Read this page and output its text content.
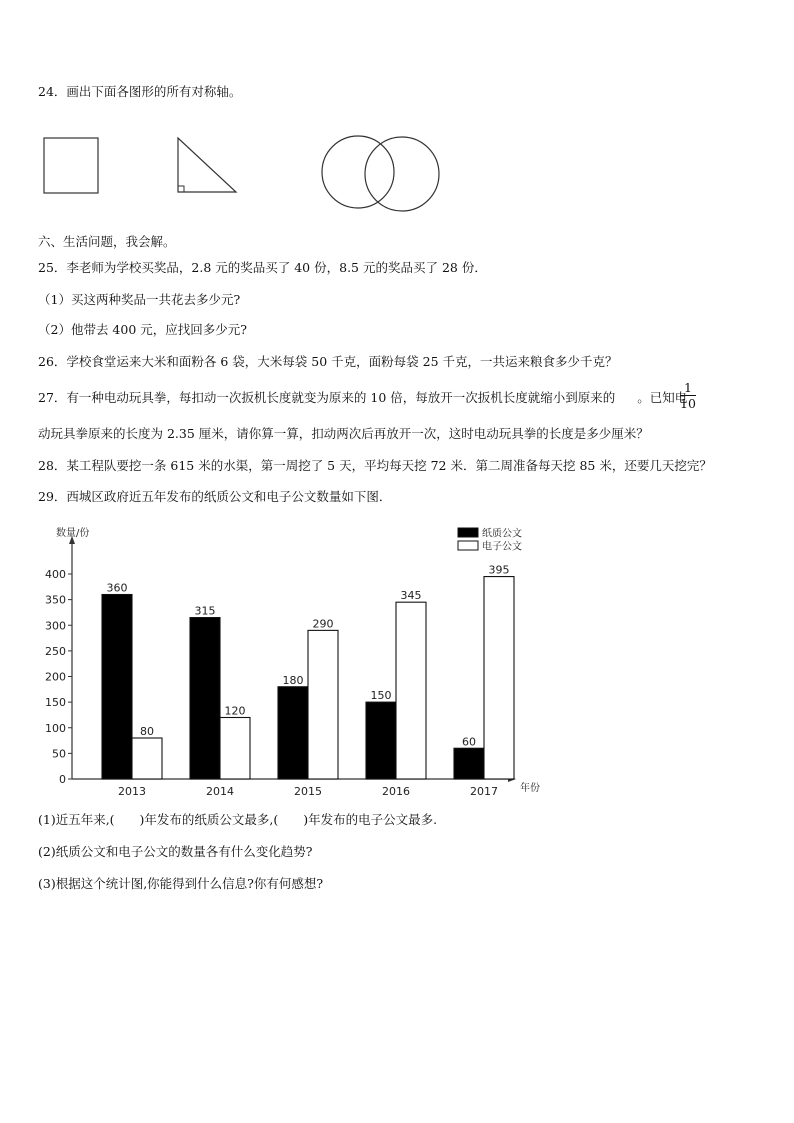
24．画出下面各图形的所有对称轴。
六、生活问题，我会解。
25．李老师为学校买奖品，2.8 元的奖品买了 40 份，8.5 元的奖品买了 28 份．
（1）买这两种奖品一共花去多少元?
（2）他带去 400 元，应找回多少元?
26．学校食堂运来大米和面粉各 6 袋，大米每袋 50 千克，面粉每袋 25 千克，一共运来粮食多少千克？
27．有一种电动玩具拳，每扣动一次扳机长度就变为原来的 10 倍，每放开一次扳机长度就缩小到原来的 。已知电
$\frac{1}{10}$
动玩具拳原来的长度为 2.35 厘米，请你算一算，扣动两次后再放开一次，这时电动玩具拳的长度是多少厘米？
28．某工程队要挖一条 615 米的水渠，第一周挖了 5 天，平均每天挖 72 米．第二周准备每天挖 85 米，还要几天挖完？
29．西城区政府近五年发布的纸质公文和电子公文数量如下图．
数量/份
年份
0
50
100
150
200
250
300
350
400
360
80
2013
315
120
2014
180
290
2015
150
345
2016
60
395
2017
纸质公文
电子公文
(1)近五年来,(　　)年发布的纸质公文最多,(　　)年发布的电子公文最多.
(2)纸质公文和电子公文的数量各有什么变化趋势?
(3)根据这个统计图,你能得到什么信息?你有何感想?
